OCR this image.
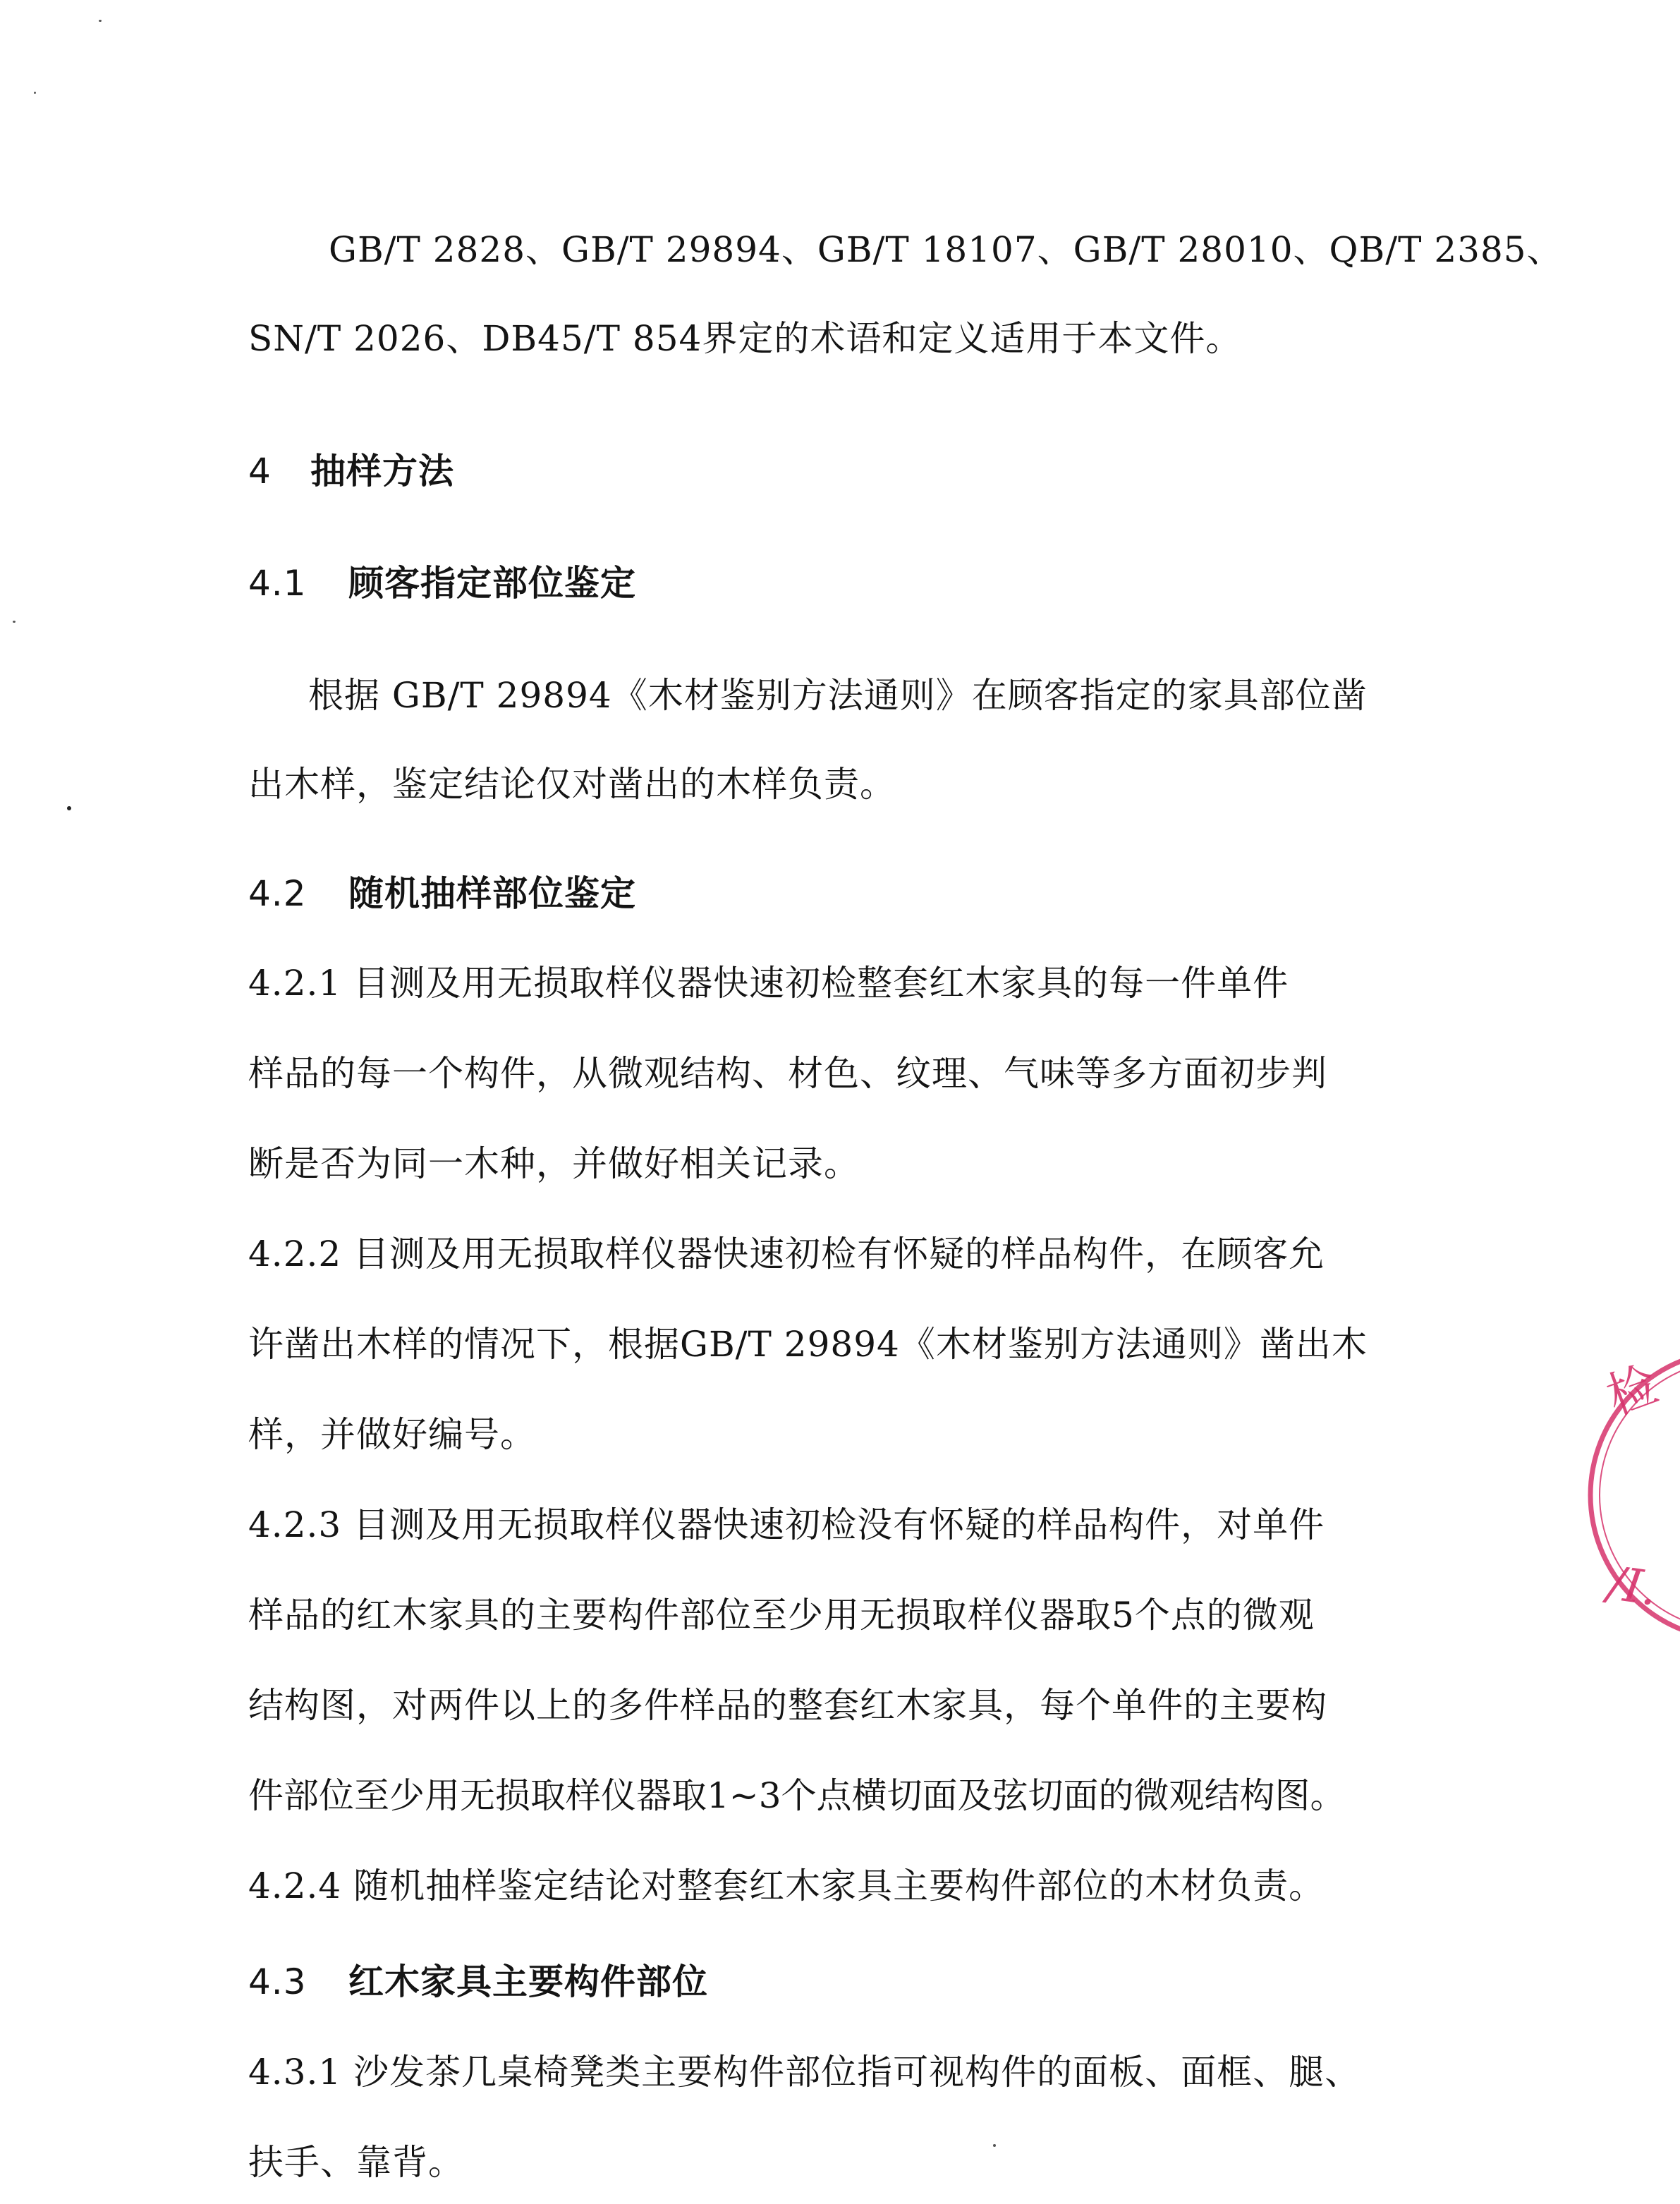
GB/T 2828、GB/T 29894、GB/T 18107、GB/T 28010、QB/T 2385、
SN/T 2026、DB45/T 854界定的术语和定义适用于本文件。
4 抽样方法
4.1 顾客指定部位鉴定
根据 GB/T 29894《木材鉴别方法通则》在顾客指定的家具部位凿
出木样，鉴定结论仅对凿出的木样负责。
4.2 随机抽样部位鉴定
4.2.1 目测及用无损取样仪器快速初检整套红木家具的每一件单件
样品的每一个构件，从微观结构、材色、纹理、气味等多方面初步判
断是否为同一木种，并做好相关记录。
4.2.2 目测及用无损取样仪器快速初检有怀疑的样品构件，在顾客允
许凿出木样的情况下，根据GB/T 29894《木材鉴别方法通则》凿出木
样，并做好编号。
4.2.3 目测及用无损取样仪器快速初检没有怀疑的样品构件，对单件
样品的红木家具的主要构件部位至少用无损取样仪器取5个点的微观
结构图，对两件以上的多件样品的整套红木家具，每个单件的主要构
件部位至少用无损取样仪器取1~3个点横切面及弦切面的微观结构图。
4.2.4 随机抽样鉴定结论对整套红木家具主要构件部位的木材负责。
4.3 红木家具主要构件部位
4.3.1 沙发茶几桌椅凳类主要构件部位指可视构件的面板、面框、腿、
扶手、靠背。
检
/I.
